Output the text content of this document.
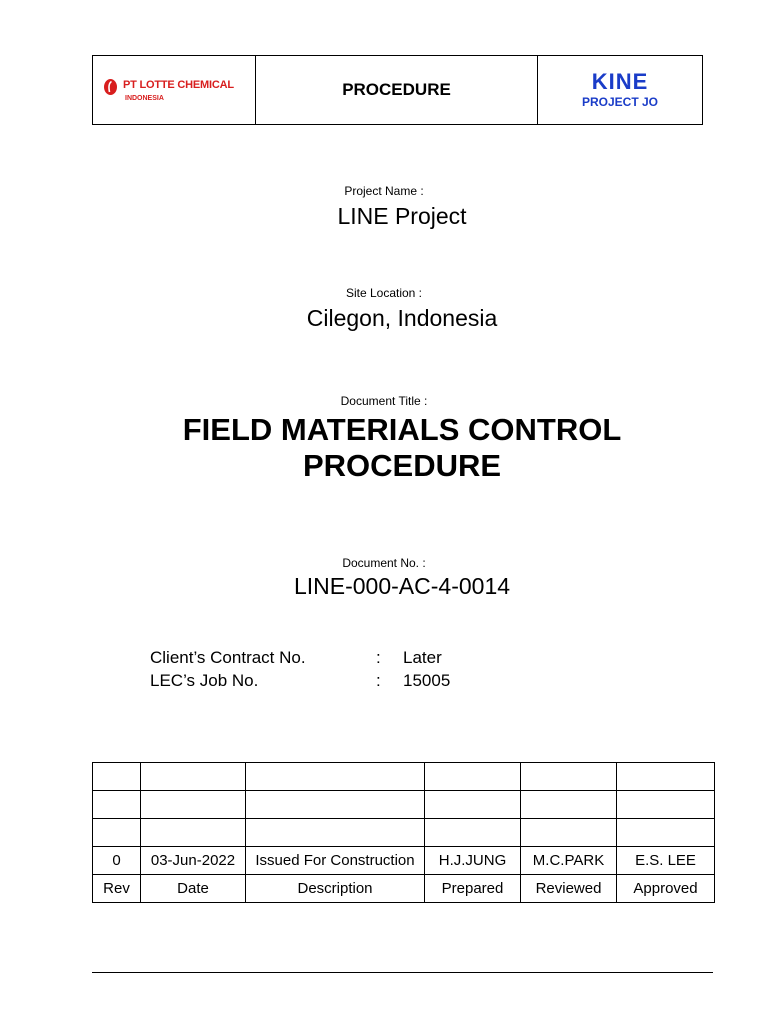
PT LOTTE CHEMICAL
INDONESIA	PROCEDURE	KINE
PROJECT JO
Project Name :
LINE Project
Site Location :
Cilegon, Indonesia
Document Title :
FIELD MATERIALS CONTROL
PROCEDURE
Document No. :
LINE-000-AC-4-0014
Client’s Contract No.	: Later
LEC’s Job No.	: 15005

0	03-Jun-2022	Issued For Construction	H.J.JUNG	M.C.PARK	E.S. LEE
Rev	Date	Description	Prepared	Reviewed	Approved
